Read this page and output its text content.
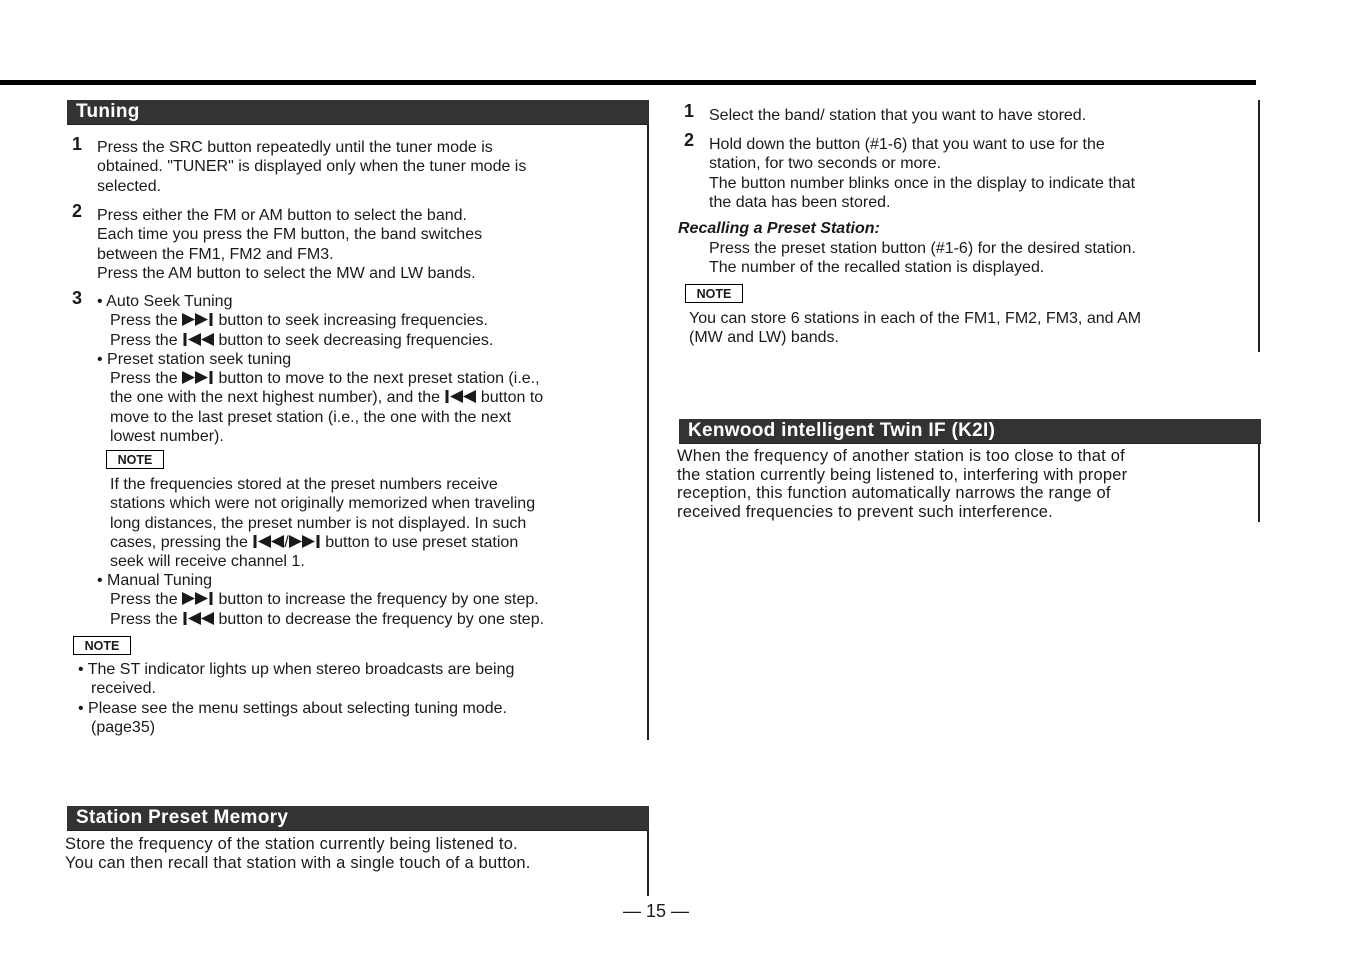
Tuning
1 Press the SRC button repeatedly until the tuner mode is
obtained. "TUNER" is displayed only when the tuner mode is
selected.
2 Press either the FM or AM button to select the band.
Each time you press the FM button, the band switches
between the FM1, FM2 and FM3.
Press the AM button to select the MW and LW bands.
3 • Auto Seek Tuning
Press the  button to seek increasing frequencies.
Press the  button to seek decreasing frequencies.
• Preset station seek tuning
Press the  button to move to the next preset station (i.e.,
the one with the next highest number), and the  button to
move to the last preset station (i.e., the one with the next
lowest number).
NOTE
If the frequencies stored at the preset numbers receive
stations which were not originally memorized when traveling
long distances, the preset number is not displayed. In such
cases, pressing the / button to use preset station
seek will receive channel 1.
• Manual Tuning
Press the  button to increase the frequency by one step.
Press the  button to decrease the frequency by one step.
NOTE
• The ST indicator lights up when stereo broadcasts are being
received.
• Please see the menu settings about selecting tuning mode.
(page35)
Station Preset Memory
Store the frequency of the station currently being listened to.
You can then recall that station with a single touch of a button.
1 Select the band/ station that you want to have stored.
2 Hold down the button (#1-6) that you want to use for the
station, for two seconds or more.
The button number blinks once in the display to indicate that
the data has been stored.
Recalling a Preset Station:
Press the preset station button (#1-6) for the desired station.
The number of the recalled station is displayed.
NOTE
You can store 6 stations in each of the FM1, FM2, FM3, and AM
(MW and LW) bands.
Kenwood intelligent Twin IF (K2I)
When the frequency of another station is too close to that of
the station currently being listened to, interfering with proper
reception, this function automatically narrows the range of
received frequencies to prevent such interference.
— 15 —
